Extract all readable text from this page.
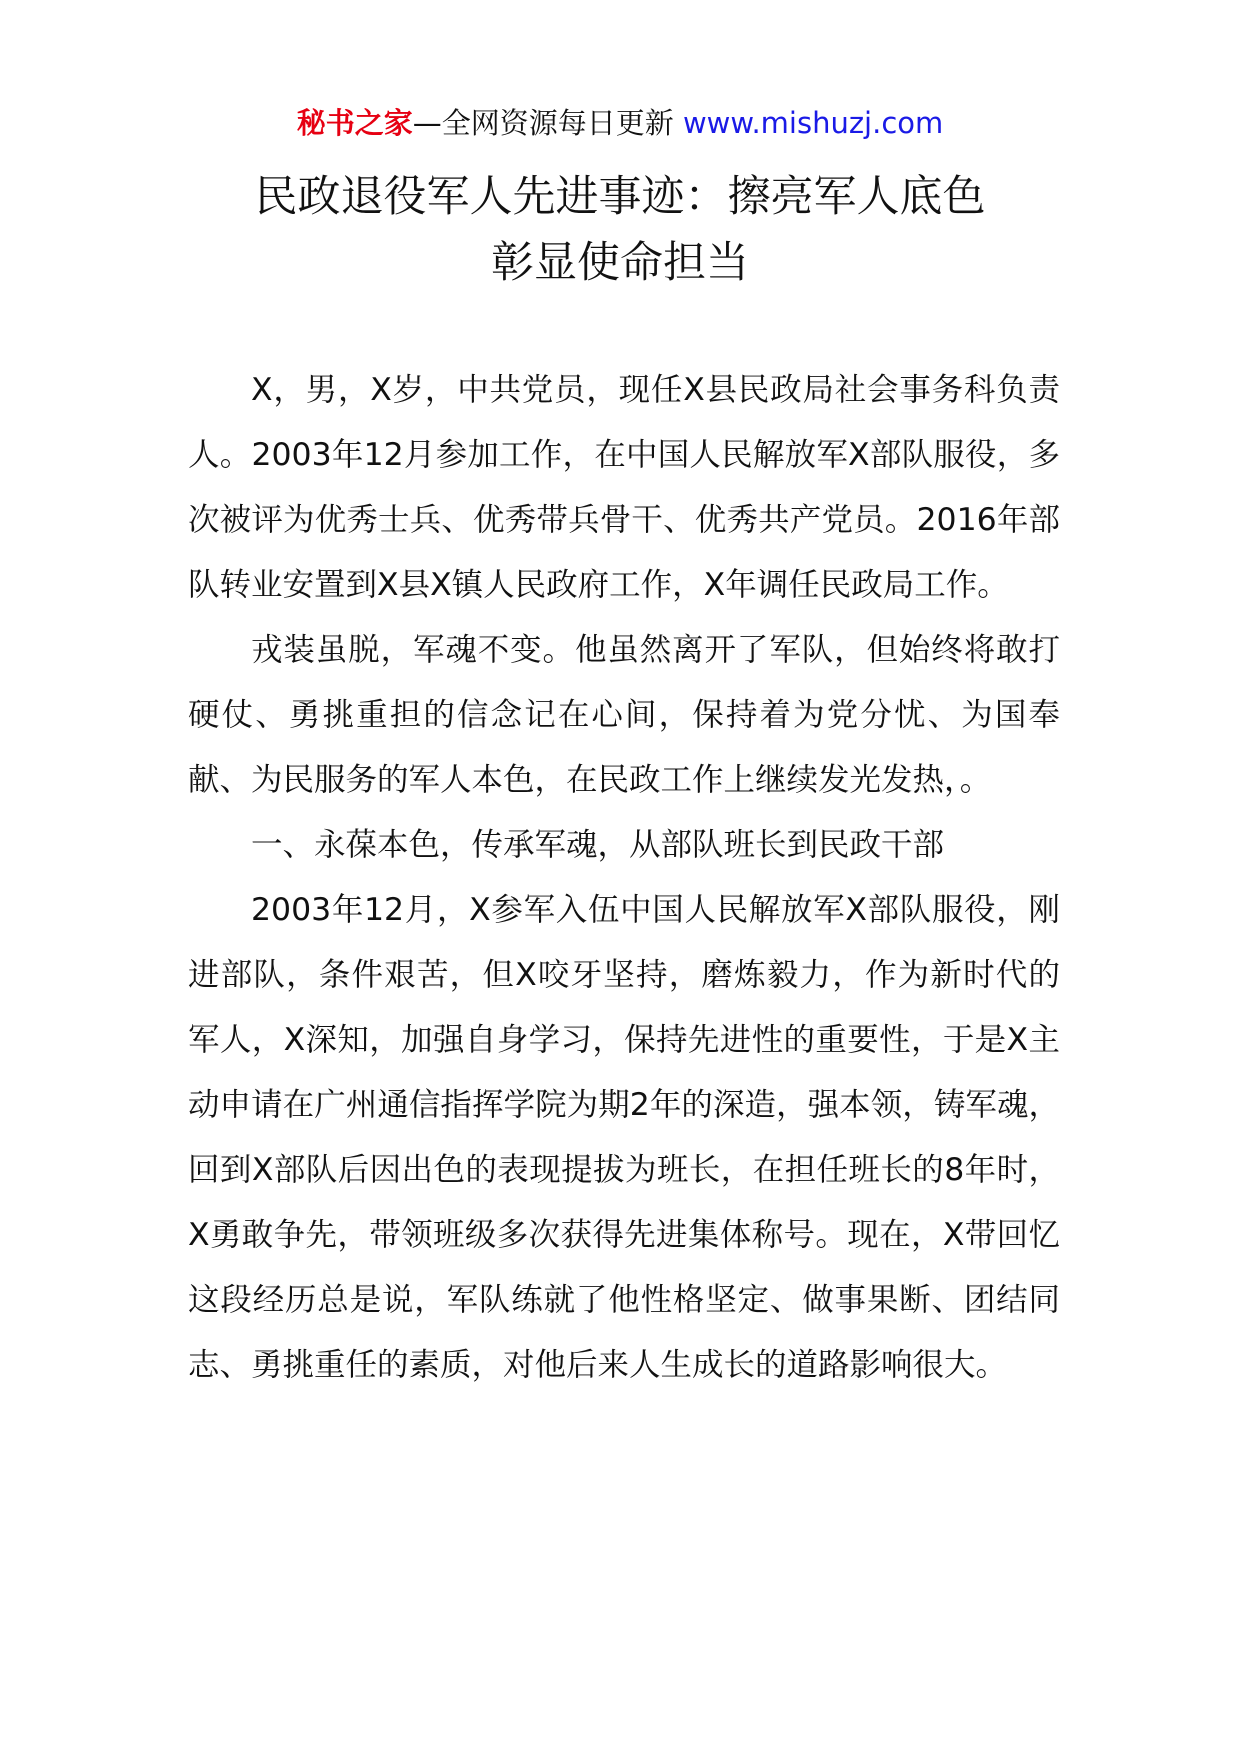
秘书之家—全网资源每日更新 www.mishuzj.com
民政退役军人先进事迹：擦亮军人底色
彰显使命担当

X，男，X岁，中共党员，现任X县民政局社会事务科负责人。2003年12月参加工作，在中国人民解放军X部队服役，多次被评为优秀士兵、优秀带兵骨干、优秀共产党员。2016年部队转业安置到X县X镇人民政府工作，X年调任民政局工作。

戎装虽脱，军魂不变。他虽然离开了军队，但始终将敢打硬仗、勇挑重担的信念记在心间，保持着为党分忧、为国奉献、为民服务的军人本色，在民政工作上继续发光发热，。

一、永葆本色，传承军魂，从部队班长到民政干部

2003年12月，X参军入伍中国人民解放军X部队服役，刚进部队，条件艰苦，但X咬牙坚持，磨炼毅力，作为新时代的军人，X深知，加强自身学习，保持先进性的重要性，于是X主动申请在广州通信指挥学院为期2年的深造，强本领，铸军魂，回到X部队后因出色的表现提拔为班长，在担任班长的8年时，X勇敢争先，带领班级多次获得先进集体称号。现在，X带回忆这段经历总是说，军队练就了他性格坚定、做事果断、团结同志、勇挑重任的素质，对他后来人生成长的道路影响很大。
